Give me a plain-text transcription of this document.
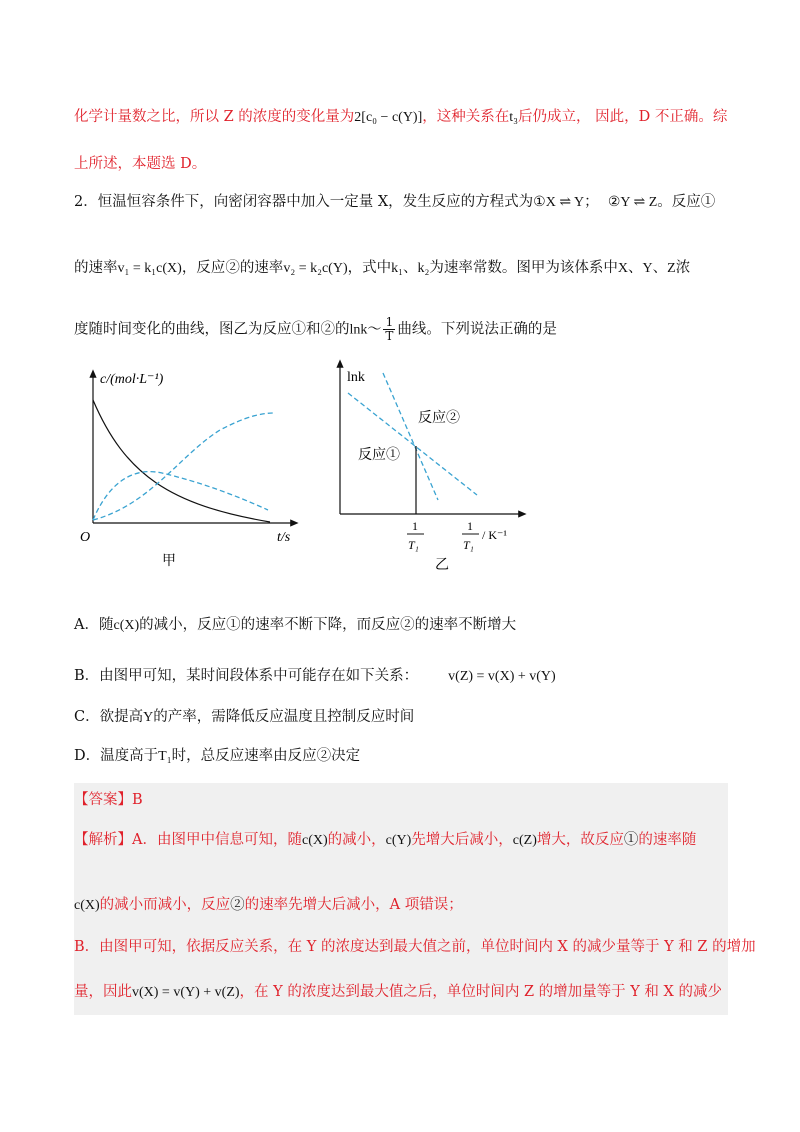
化学计量数之比，所以 Z 的浓度的变化量为2[c₀ − c(Y)]，这种关系在t₃后仍成立， 因此，D 不正确。综
上所述，本题选 D。
2．恒温恒容条件下，向密闭容器中加入一定量 X，发生反应的方程式为①X ⇌ Y； ②Y ⇌ Z。反应①
的速率v₁ = k₁c(X)，反应②的速率v₂ = k₂c(Y)，式中k₁、k₂为速率常数。图甲为该体系中X、Y、Z浓
度随时间变化的曲线，图乙为反应①和②的lnk～ $\frac{1}{T}$ 曲线。下列说法正确的是
c/(mol·L⁻¹)
t/s
O
甲
lnk
反应②
反应①
1
T₁
1
T₁
/ K⁻¹
乙
A．随c(X)的减小，反应①的速率不断下降，而反应②的速率不断增大
B．由图甲可知，某时间段体系中可能存在如下关系： v(Z) = v(X) + v(Y)
C．欲提高Y的产率，需降低反应温度且控制反应时间
D．温度高于T₁时，总反应速率由反应②决定
【答案】B
【解析】A．由图甲中信息可知，随c(X)的减小，c(Y)先增大后减小，c(Z)增大，故反应①的速率随
c(X)的减小而减小，反应②的速率先增大后减小，A 项错误；
B．由图甲可知，依据反应关系，在 Y 的浓度达到最大值之前，单位时间内 X 的减少量等于 Y 和 Z 的增加
量，因此v(X) = v(Y) + v(Z)，在 Y 的浓度达到最大值之后，单位时间内 Z 的增加量等于 Y 和 X 的减少
